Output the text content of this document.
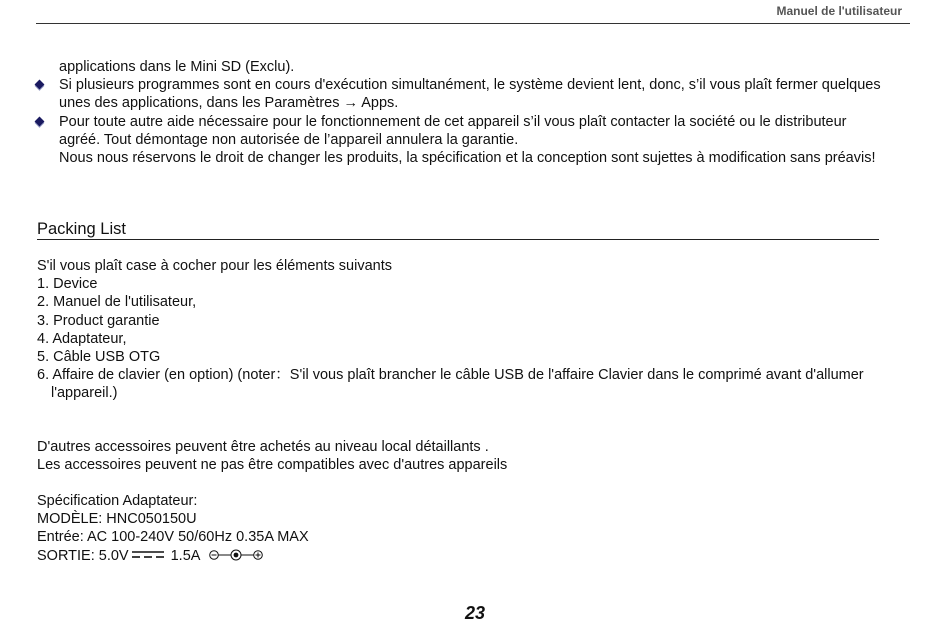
Manuel de l'utilisateur
applications dans le Mini SD (Exclu).
Si plusieurs programmes sont en cours d'exécution simultanément, le système devient lent, donc, s’il vous plaît fermer quelques
unes des applications, dans les Paramètres → Apps.
Pour toute autre aide nécessaire pour le fonctionnement de cet appareil s’il vous plaît contacter la société ou le distributeur
agréé. Tout démontage non autorisée de l’appareil annulera la garantie.
Nous nous réservons le droit de changer les produits, la spécification et la conception sont sujettes à modification sans préavis!
Packing List
S'il vous plaît case à cocher pour les éléments suivants
1. Device
2. Manuel de l'utilisateur,
3. Product garantie
4. Adaptateur,
5. Câble USB OTG
6. Affaire de clavier (en option) (noter：S'il vous plaît brancher le câble USB de l'affaire Clavier dans le comprimé avant d'allumer
l'appareil.)
D'autres accessoires peuvent être achetés au niveau local détaillants .
Les accessoires peuvent ne pas être compatibles avec d'autres appareils
Spécification Adaptateur:
MODÈLE: HNC050150U
Entrée: AC 100-240V 50/60Hz 0.35A MAX
SORTIE: 5.0V	1.5A
23
